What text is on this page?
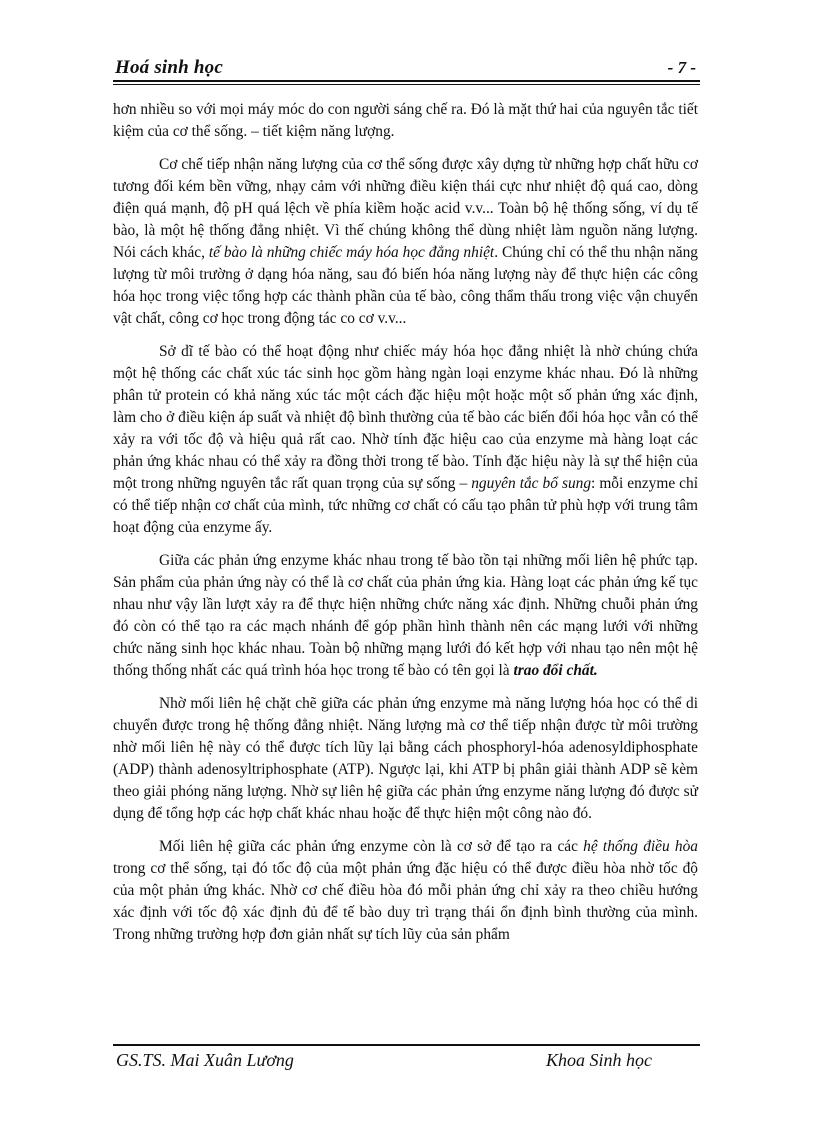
Hoá sinh học	- 7 -

hơn nhiều so với mọi máy móc do con người sáng chế ra. Đó là mặt thứ hai của nguyên tắc tiết kiệm của cơ thể sống. – tiết kiệm năng lượng.

Cơ chế tiếp nhận năng lượng của cơ thể sống được xây dựng từ những hợp chất hữu cơ tương đối kém bền vững, nhạy cảm với những điều kiện thái cực như nhiệt độ quá cao, dòng điện quá mạnh, độ pH quá lệch về phía kiềm hoặc acid v.v... Toàn bộ hệ thống sống, ví dụ tế bào, là một hệ thống đẳng nhiệt. Vì thế chúng không thể dùng nhiệt làm nguồn năng lượng. Nói cách khác, tế bào là những chiếc máy hóa học đẳng nhiệt. Chúng chỉ có thể thu nhận năng lượng từ môi trường ở dạng hóa năng, sau đó biến hóa năng lượng này để thực hiện các công hóa học trong việc tổng hợp các thành phần của tế bào, công thẩm thấu trong việc vận chuyển vật chất, công cơ học trong động tác co cơ v.v...

Sở dĩ tế bào có thể hoạt động như chiếc máy hóa học đẳng nhiệt là nhờ chúng chứa một hệ thống các chất xúc tác sinh học gồm hàng ngàn loại enzyme khác nhau. Đó là những phân tử protein có khả năng xúc tác một cách đặc hiệu một hoặc một số phản ứng xác định, làm cho ở điều kiện áp suất và nhiệt độ bình thường của tế bào các biến đổi hóa học vẫn có thể xảy ra với tốc độ và hiệu quả rất cao. Nhờ tính đặc hiệu cao của enzyme mà hàng loạt các phản ứng khác nhau có thể xảy ra đồng thời trong tế bào. Tính đặc hiệu này là sự thể hiện của một trong những nguyên tắc rất quan trọng của sự sống – nguyên tắc bổ sung: mỗi enzyme chỉ có thể tiếp nhận cơ chất của mình, tức những cơ chất có cấu tạo phân tử phù hợp với trung tâm hoạt động của enzyme ấy.

Giữa các phản ứng enzyme khác nhau trong tế bào tồn tại những mối liên hệ phức tạp. Sản phẩm của phản ứng này có thể là cơ chất của phản ứng kia. Hàng loạt các phản ứng kế tục nhau như vậy lần lượt xảy ra để thực hiện những chức năng xác định. Những chuỗi phản ứng đó còn có thể tạo ra các mạch nhánh để góp phần hình thành nên các mạng lưới với những chức năng sinh học khác nhau. Toàn bộ những mạng lưới đó kết hợp với nhau tạo nên một hệ thống thống nhất các quá trình hóa học trong tế bào có tên gọi là trao đổi chất.

Nhờ mối liên hệ chặt chẽ giữa các phản ứng enzyme mà năng lượng hóa học có thể di chuyển được trong hệ thống đẳng nhiệt. Năng lượng mà cơ thể tiếp nhận được từ môi trường nhờ mối liên hệ này có thể được tích lũy lại bằng cách phosphoryl-hóa adenosyldiphosphate (ADP) thành adenosyltriphosphate (ATP). Ngược lại, khi ATP bị phân giải thành ADP sẽ kèm theo giải phóng năng lượng. Nhờ sự liên hệ giữa các phản ứng enzyme năng lượng đó được sử dụng để tổng hợp các hợp chất khác nhau hoặc để thực hiện một công nào đó.

Mối liên hệ giữa các phản ứng enzyme còn là cơ sở để tạo ra các hệ thống điều hòa trong cơ thể sống, tại đó tốc độ của một phản ứng đặc hiệu có thể được điều hòa nhờ tốc độ của một phản ứng khác. Nhờ cơ chế điều hòa đó mỗi phản ứng chỉ xảy ra theo chiều hướng xác định với tốc độ xác định đủ để tế bào duy trì trạng thái ổn định bình thường của mình. Trong những trường hợp đơn giản nhất sự tích lũy của sản phẩm

GS.TS. Mai Xuân Lương	Khoa Sinh học
